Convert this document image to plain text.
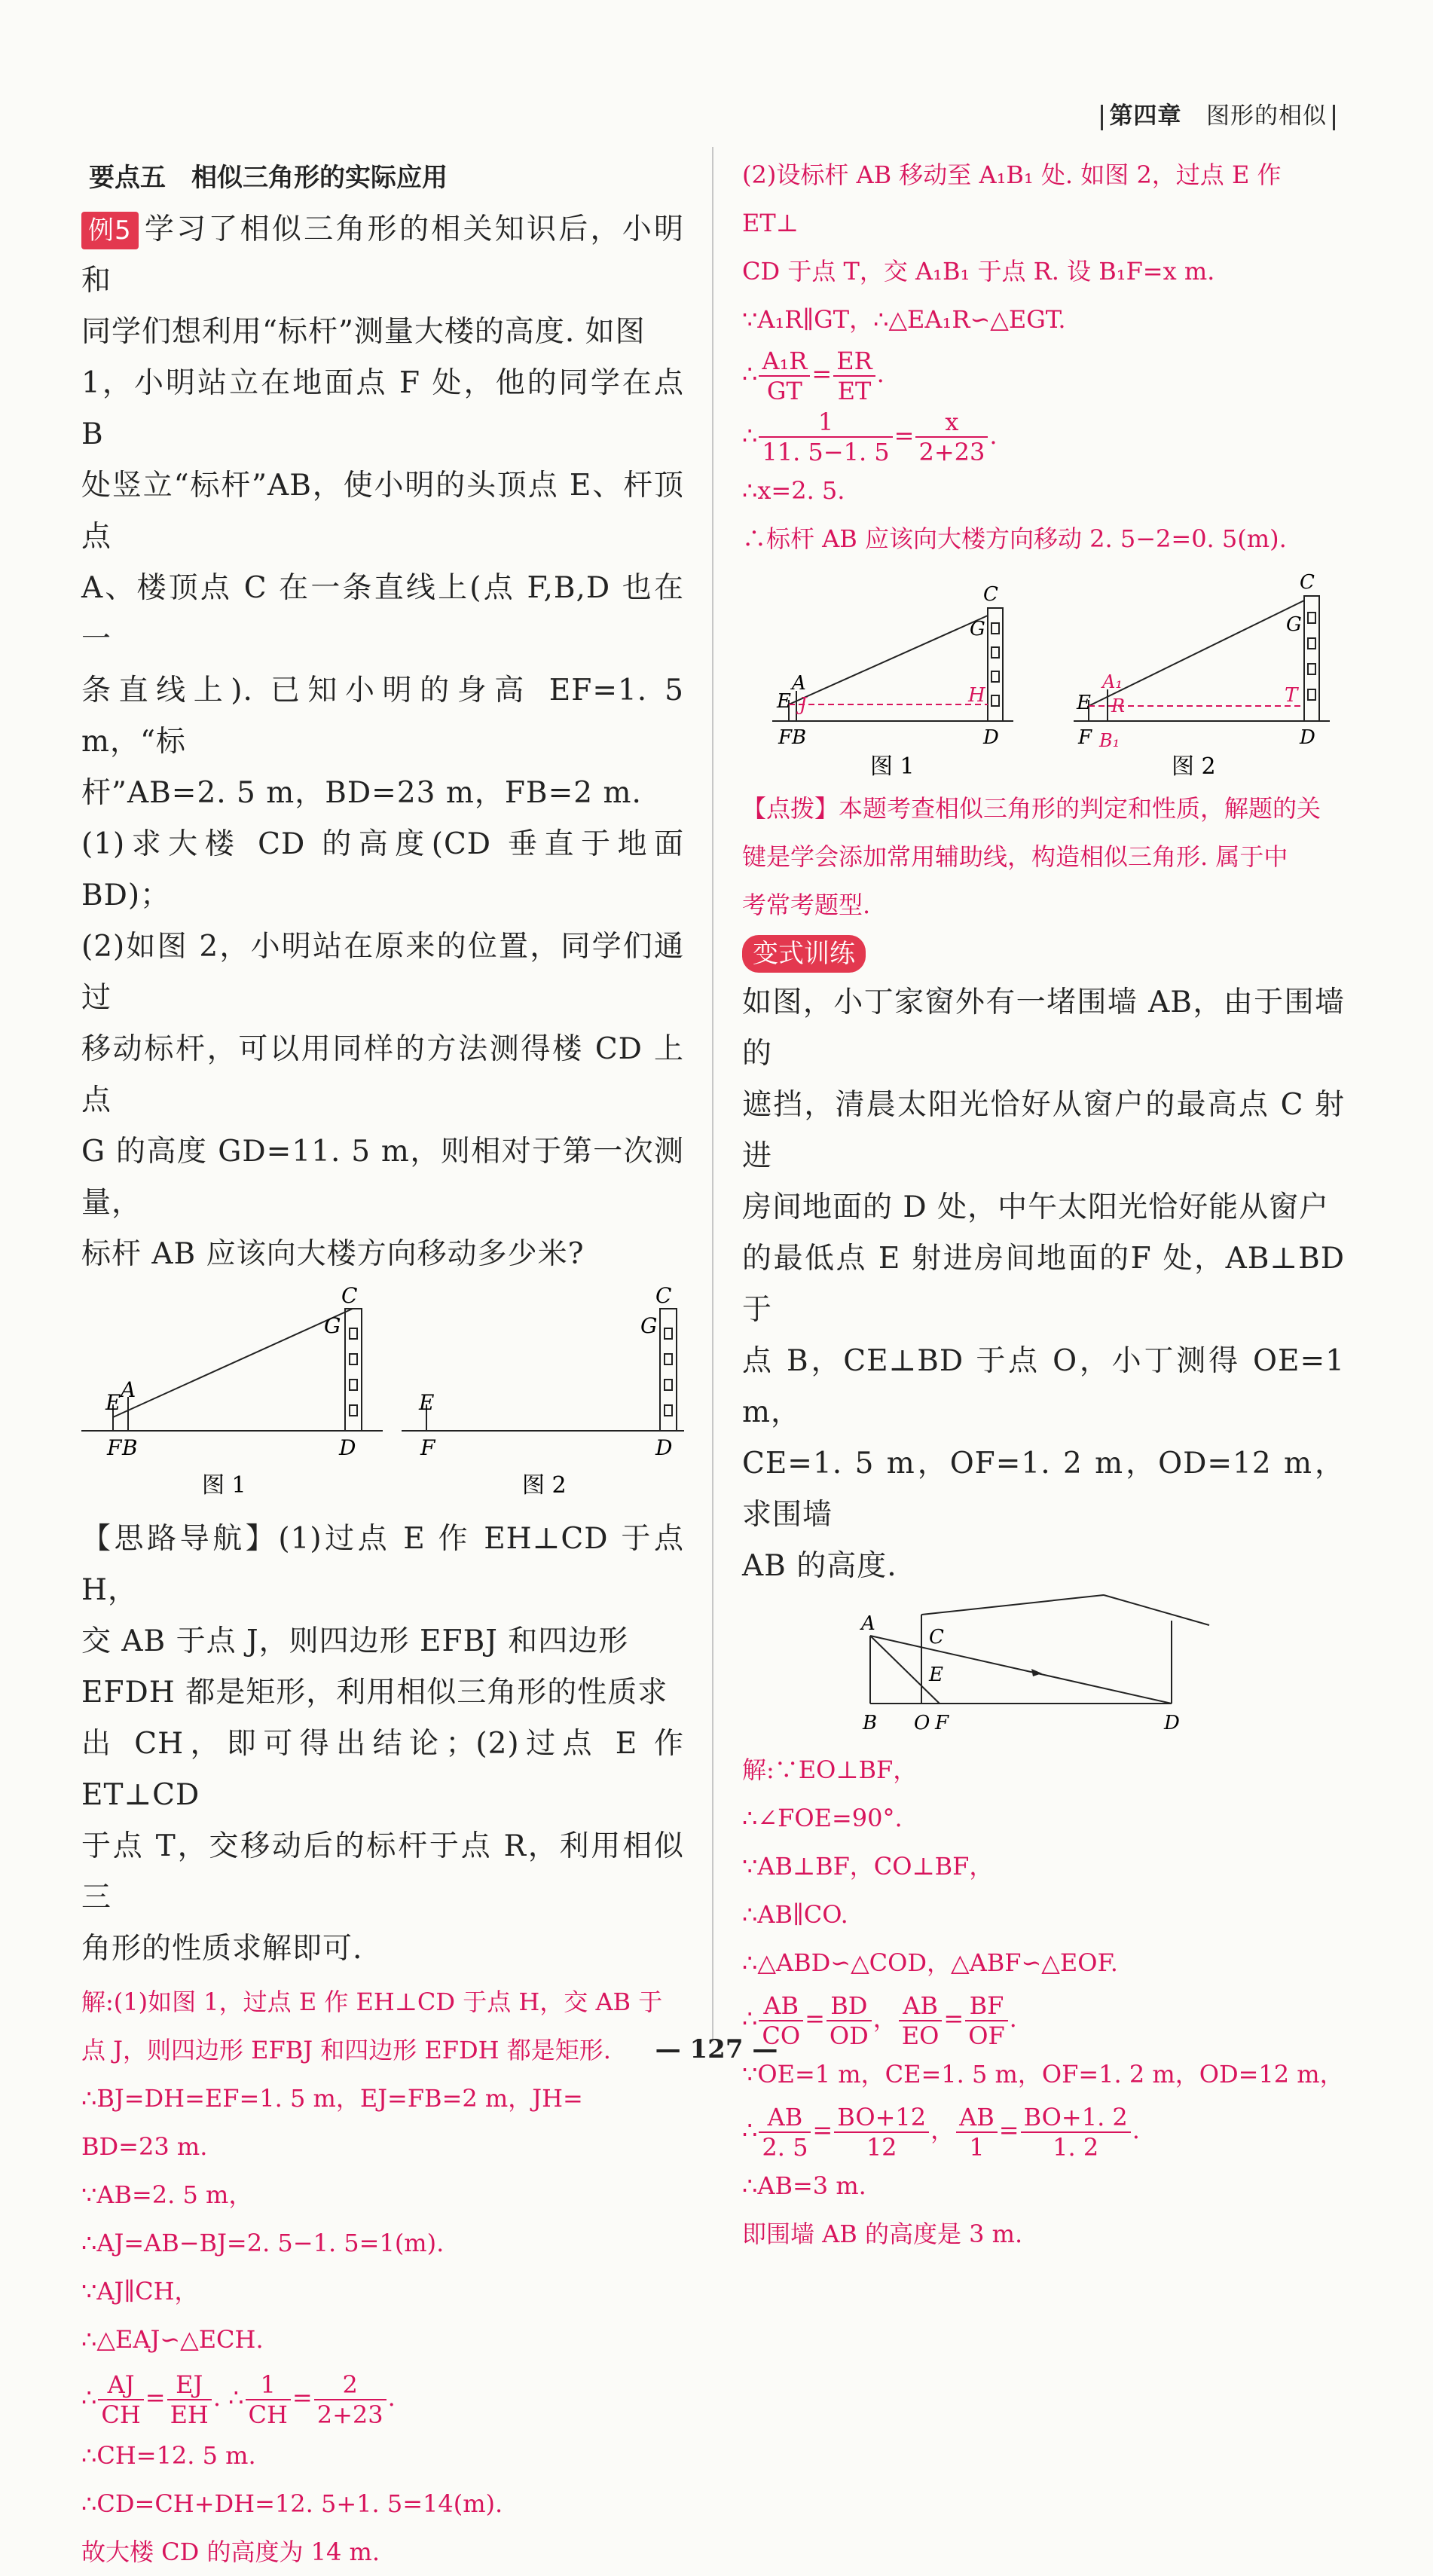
第四章 图形的相似
要点五　相似三角形的实际应用

例5 学习了相似三角形的相关知识后，小明和

同学们想利用“标杆”测量大楼的高度. 如图

1，小明站立在地面点 F 处，他的同学在点 B

处竖立“标杆”AB，使小明的头顶点 E、杆顶点

A、楼顶点 C 在一条直线上(点 F,B,D 也在一

条直线上). 已知小明的身高 EF=1. 5 m，“标

杆”AB=2. 5 m，BD=23 m，FB=2 m.

(1)求大楼 CD 的高度(CD 垂直于地面 BD)；

(2)如图 2，小明站在原来的位置，同学们通过

移动标杆，可以用同样的方法测得楼 CD 上点

G 的高度 GD=11. 5 m，则相对于第一次测量，

标杆 AB 应该向大楼方向移动多少米?

E
A
F B
C
G
D
图 1
E
F
C
G
D
图 2

【思路导航】(1)过点 E 作 EH⊥CD 于点 H，

交 AB 于点 J，则四边形 EFBJ 和四边形

EFDH 都是矩形，利用相似三角形的性质求

出 CH，即可得出结论；(2)过点 E 作 ET⊥CD

于点 T，交移动后的标杆于点 R，利用相似三

角形的性质求解即可.

解:(1)如图 1，过点 E 作 EH⊥CD 于点 H，交 AB 于

点 J，则四边形 EFBJ 和四边形 EFDH 都是矩形.

∴BJ=DH=EF=1. 5 m，EJ=FB=2 m，JH=

BD=23 m.

∵AB=2. 5 m，

∴AJ=AB−BJ=2. 5−1. 5=1(m).

∵AJ∥CH，

∴△EAJ∽△ECH.

∴ $\frac{AJ}{CH} = \frac{EJ}{EH}$ . ∴ $\frac{1}{CH} = \frac{2}{2+23}$ .

∴CH=12. 5 m.

∴CD=CH+DH=12. 5+1. 5=14(m).

故大楼 CD 的高度为 14 m.

(2)设标杆 AB 移动至 A₁B₁ 处. 如图 2，过点 E 作 ET⊥

CD 于点 T，交 A₁B₁ 于点 R. 设 B₁F=x m.

∵A₁R∥GT，∴△EA₁R∽△EGT.

∴ $\frac{\text{A₁R}}{GT} = \frac{ER}{ET}$ .

∴ $\frac{1}{11. 5-1. 5} = \frac{x}{2+23}$ .

∴x=2. 5.

∴标杆 AB 应该向大楼方向移动 2. 5−2=0. 5(m).

E
A
J	H
F B
C
G
D
图 1
E
A₁
R	T
F B₁
C
G
D
图 2

【点拨】本题考查相似三角形的判定和性质，解题的关

键是学会添加常用辅助线，构造相似三角形. 属于中

考常考题型.

变式训练

如图，小丁家窗外有一堵围墙 AB，由于围墙的

遮挡，清晨太阳光恰好从窗户的最高点 C 射进

房间地面的 D 处，中午太阳光恰好能从窗户

的最低点 E 射进房间地面的F 处，AB⊥BD于

点 B，CE⊥BD 于点 O，小丁测得 OE=1 m，

CE=1. 5 m，OF=1. 2 m，OD=12 m，求围墙

AB 的高度.

A
C
E
B O F	D

解:∵EO⊥BF，

∴∠FOE=90°.

∵AB⊥BF，CO⊥BF，

∴AB∥CO.

∴△ABD∽△COD，△ABF∽△EOF.

∴ $\frac{AB}{CO} = \frac{BD}{OD}$ ， $\frac{AB}{EO} = \frac{BF}{OF}$ .

∵OE=1 m，CE=1. 5 m，OF=1. 2 m，OD=12 m，

∴ $\frac{AB}{2. 5} = \frac{BO+12}{12}$ ， $\frac{AB}{1} = \frac{BO+1. 2}{1. 2}$ .

∴AB=3 m.

即围墙 AB 的高度是 3 m.

— 127 —
